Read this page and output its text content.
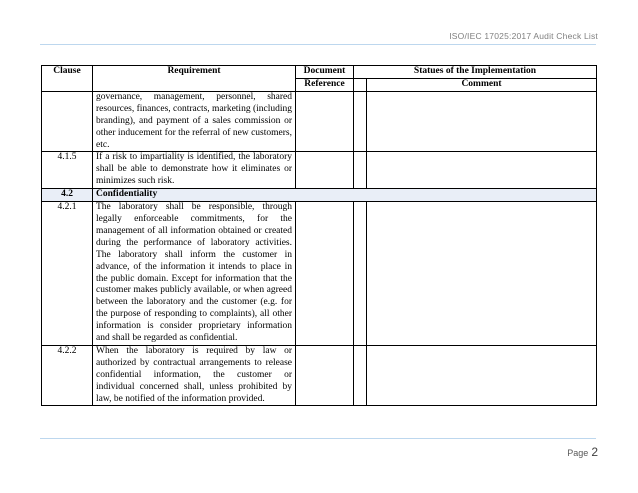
ISO/IEC 17025:2017 Audit Check List
Clause	Requirement	Document	Statues of the Implementation	
		Reference		Comment
	governance, management, personnel, shared resources, finances, contracts, marketing (including branding), and payment of a sales commission or other inducement for the referral of new customers, etc.			
4.1.5	If a risk to impartiality is identified, the laboratory shall be able to demonstrate how it eliminates or minimizes such risk.			
4.2	Confidentiality			
4.2.1	The laboratory shall be responsible, through legally enforceable commitments, for the management of all information obtained or created during the performance of laboratory activities. The laboratory shall inform the customer in advance, of the information it intends to place in the public domain. Except for information that the customer makes publicly available, or when agreed between the laboratory and the customer (e.g. for the purpose of responding to complaints), all other information is consider proprietary information and shall be regarded as confidential.			
4.2.2	When the laboratory is required by law or authorized by contractual arrangements to release confidential information, the customer or individual concerned shall, unless prohibited by law, be notified of the information provided.			
Page 2
